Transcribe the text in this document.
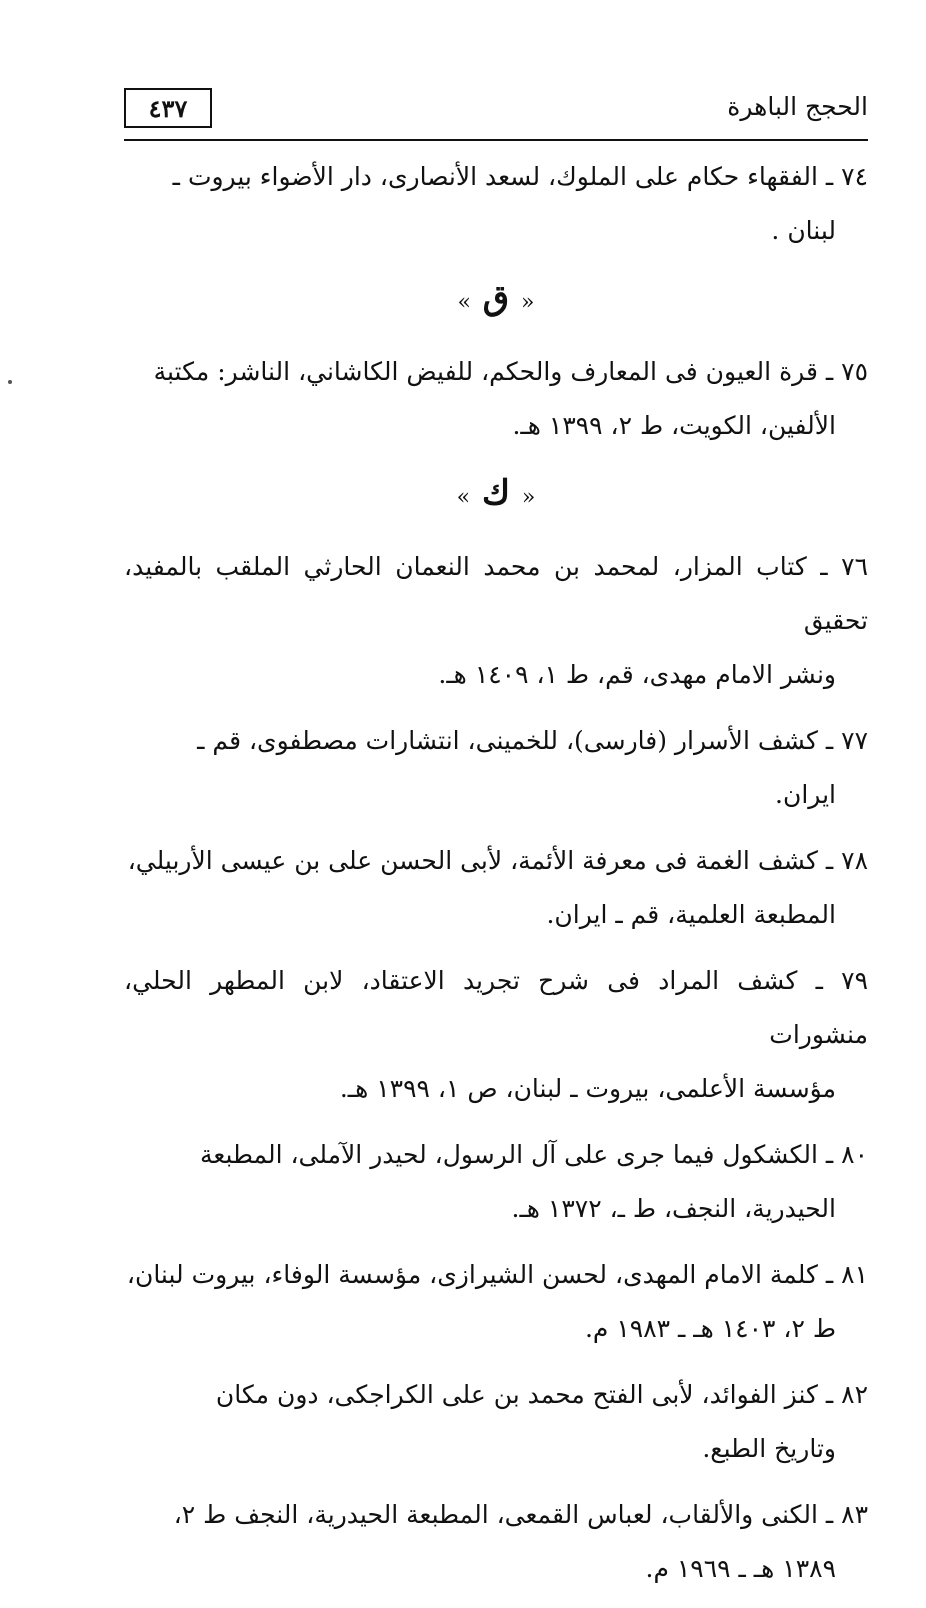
٤٣٧	الحجج الباهرة
٧٤ ـ الفقهاء حكام على الملوك، لسعد الأنصارى، دار الأضواء بيروت ـ
لبنان .
« ق »
٧٥ ـ قرة العيون فى المعارف والحكم، للفيض الكاشاني، الناشر: مكتبة
الألفين، الكويت، ط ٢، ١٣٩٩ هـ.
« ك »
٧٦ ـ كتاب المزار، لمحمد بن محمد النعمان الحارثي الملقب بالمفيد، تحقيق
ونشر الامام مهدى، قم، ط ١، ١٤٠٩ هـ.
٧٧ ـ كشف الأسرار (فارسى)، للخمينى، انتشارات مصطفوى، قم ـ
ايران.
٧٨ ـ كشف الغمة فى معرفة الأئمة، لأبى الحسن على بن عيسى الأربيلي،
المطبعة العلمية، قم ـ ايران.
٧٩ ـ كشف المراد فى شرح تجريد الاعتقاد، لابن المطهر الحلي، منشورات
مؤسسة الأعلمى، بيروت ـ لبنان، ص ١، ١٣٩٩ هـ.
٨٠ ـ الكشكول فيما جرى على آل الرسول، لحيدر الآملى، المطبعة
الحيدرية، النجف، ط ـ، ١٣٧٢ هـ.
٨١ ـ كلمة الامام المهدى، لحسن الشيرازى، مؤسسة الوفاء، بيروت لبنان،
ط ٢، ١٤٠٣ هـ ـ ١٩٨٣ م.
٨٢ ـ كنز الفوائد، لأبى الفتح محمد بن على الكراجكى، دون مكان
وتاريخ الطبع.
٨٣ ـ الكنى والألقاب، لعباس القمعى، المطبعة الحيدرية، النجف ط ٢،
١٣٨٩ هـ ـ ١٩٦٩ م.
